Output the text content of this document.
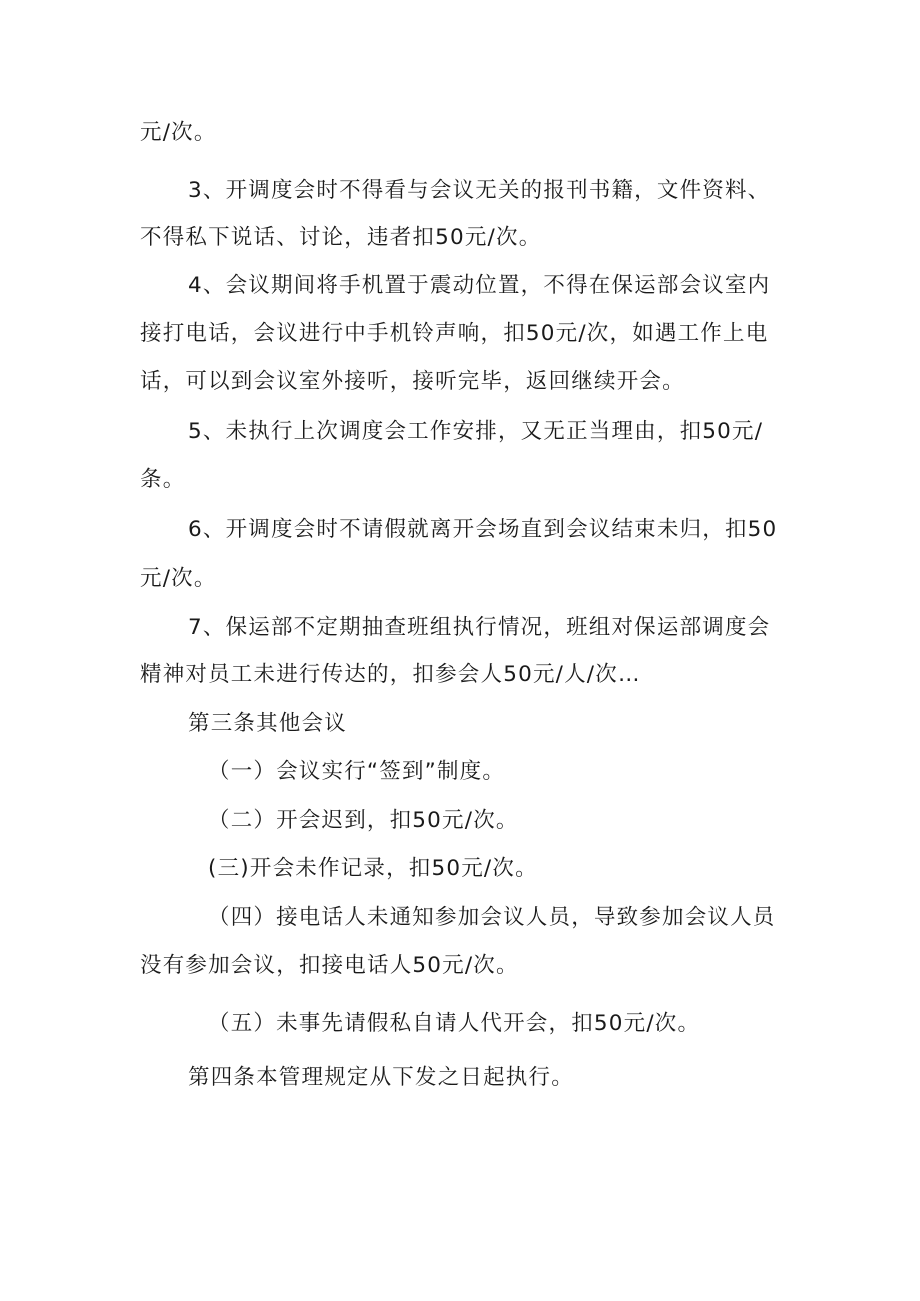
元/次。
3、开调度会时不得看与会议无关的报刊书籍，文件资料、
不得私下说话、讨论，违者扣50元/次。
4、会议期间将手机置于震动位置，不得在保运部会议室内
接打电话，会议进行中手机铃声响，扣50元/次，如遇工作上电
话，可以到会议室外接听，接听完毕，返回继续开会。
5、未执行上次调度会工作安排，又无正当理由，扣50元/
条。
6、开调度会时不请假就离开会场直到会议结束未归，扣50
元/次。
7、保运部不定期抽查班组执行情况，班组对保运部调度会
精神对员工未进行传达的，扣参会人50元/人/次…
第三条其他会议
（一）会议实行“签到”制度。
（二）开会迟到，扣50元/次。
(三)开会未作记录，扣50元/次。
（四）接电话人未通知参加会议人员，导致参加会议人员
没有参加会议，扣接电话人50元/次。
（五）未事先请假私自请人代开会，扣50元/次。
第四条本管理规定从下发之日起执行。
